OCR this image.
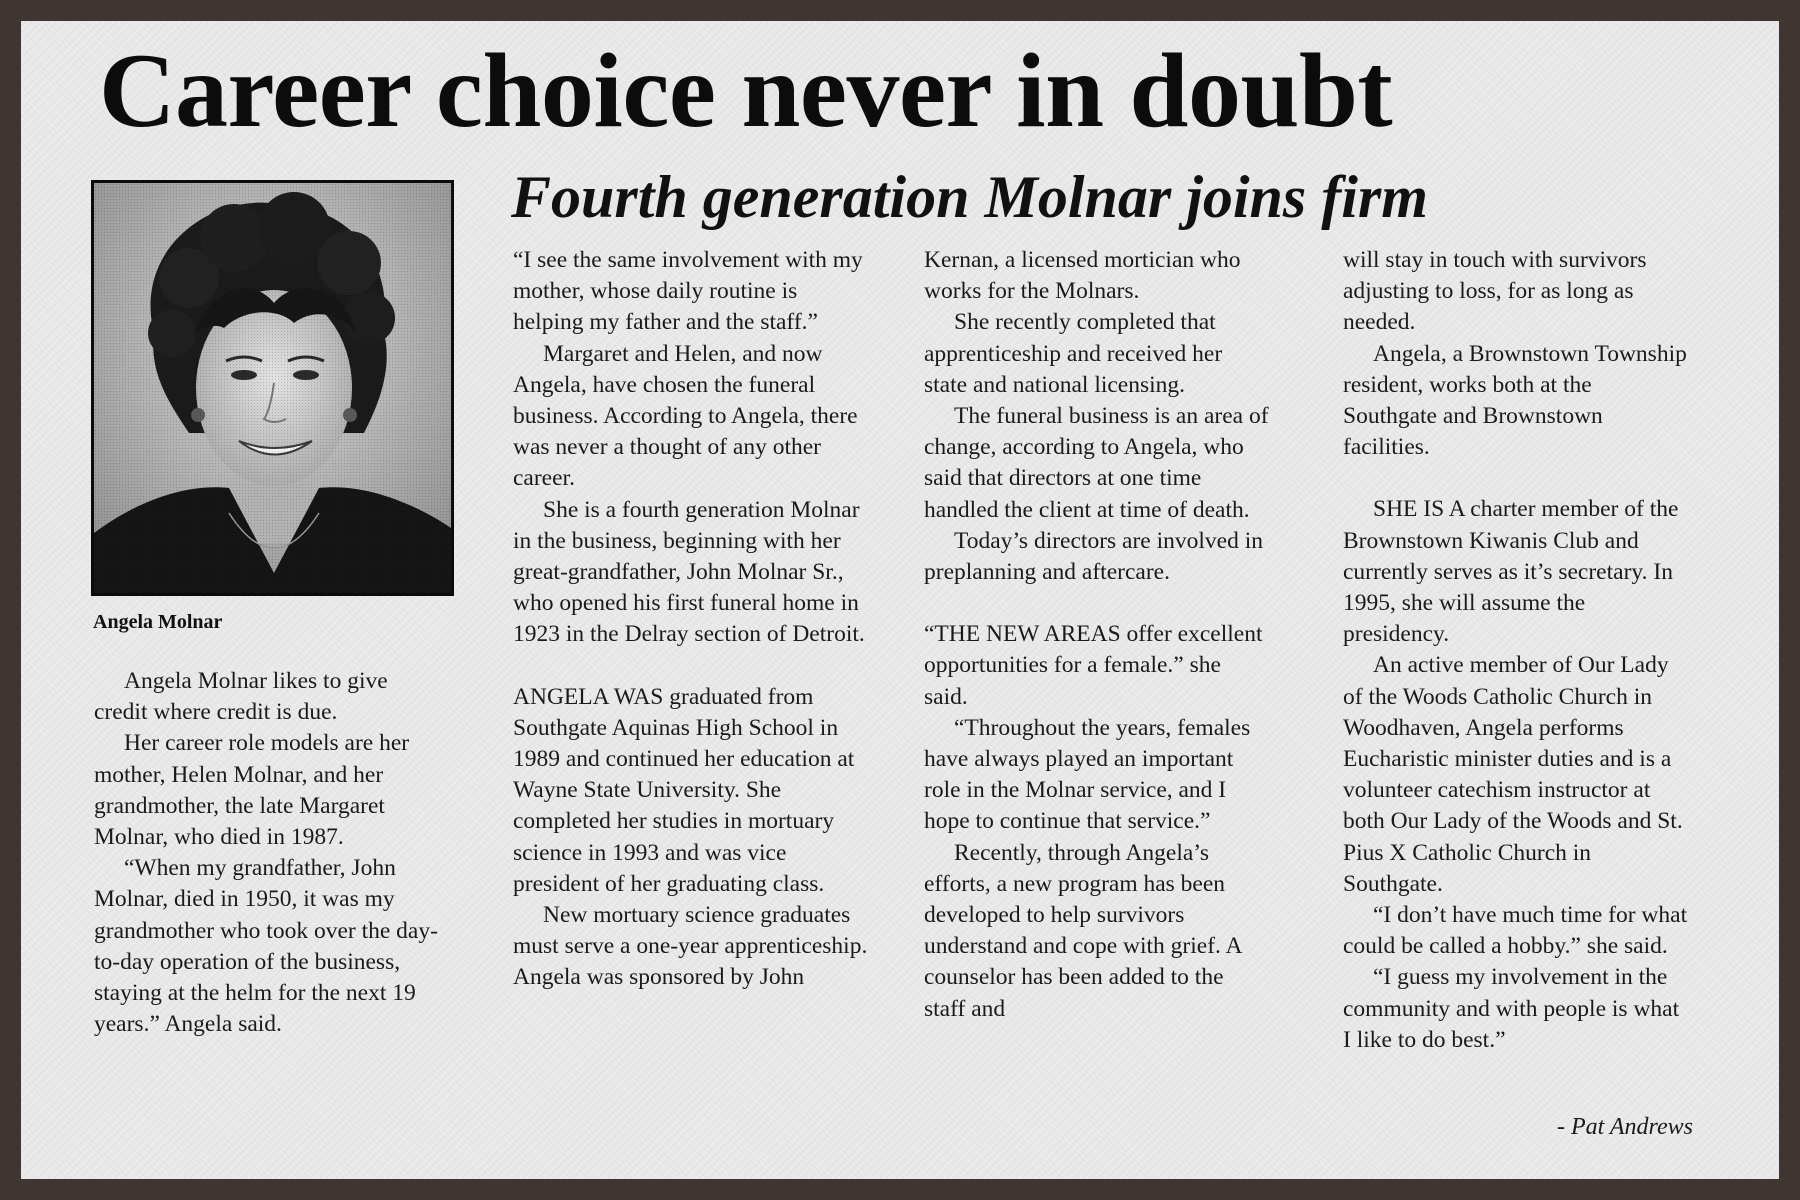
Career choice never in doubt
Fourth generation Molnar joins firm
Angela Molnar

Angela Molnar likes to give credit where credit is due.

Her career role models are her mother, Helen Molnar, and her grandmother, the late Margaret Molnar, who died in 1987.

“When my grandfather, John Molnar, died in 1950, it was my grandmother who took over the day-to-day operation of the business, staying at the helm for the next 19 years.” Angela said.

“I see the same involvement with my mother, whose daily routine is helping my father and the staff.”

Margaret and Helen, and now Angela, have chosen the funeral business. According to Angela, there was never a thought of any other career.

She is a fourth generation Molnar in the business, beginning with her great-grandfather, John Molnar Sr., who opened his first funeral home in 1923 in the Delray section of Detroit.

ANGELA WAS graduated from Southgate Aquinas High School in 1989 and continued her education at Wayne State University. She completed her studies in mortuary science in 1993 and was vice president of her graduating class.

New mortuary science graduates must serve a one-year apprenticeship. Angela was sponsored by John

Kernan, a licensed mortician who works for the Molnars.

She recently completed that apprenticeship and received her state and national licensing.

The funeral business is an area of change, according to Angela, who said that directors at one time handled the client at time of death.

Today’s directors are involved in preplanning and aftercare.

“THE NEW AREAS offer excellent opportunities for a female.” she said.

“Throughout the years, females have always played an important role in the Molnar service, and I hope to continue that service.”

Recently, through Angela’s efforts, a new program has been developed to help survivors understand and cope with grief. A counselor has been added to the staff and

will stay in touch with survivors adjusting to loss, for as long as needed.

Angela, a Brownstown Township resident, works both at the Southgate and Brownstown facilities.

SHE IS A charter member of the Brownstown Kiwanis Club and currently serves as it’s secretary. In 1995, she will assume the presidency.

An active member of Our Lady of the Woods Catholic Church in Woodhaven, Angela performs Eucharistic minister duties and is a volunteer catechism instructor at both Our Lady of the Woods and St. Pius X Catholic Church in Southgate.

“I don’t have much time for what could be called a hobby.” she said.

“I guess my involvement in the community and with people is what I like to do best.”

- Pat Andrews
